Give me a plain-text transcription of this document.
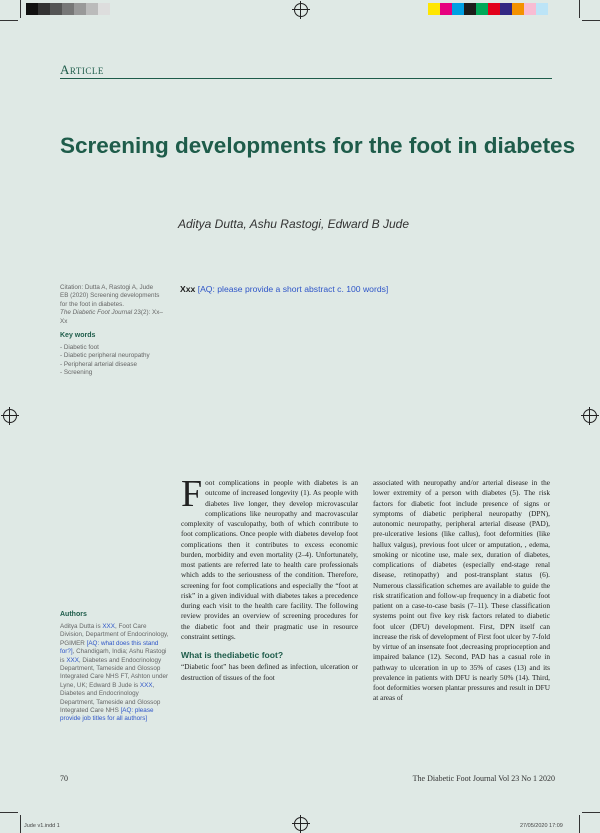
Article
Screening developments for the foot in diabetes
Aditya Dutta, Ashu Rastogi, Edward B Jude
Citation: Dutta A, Rastogi A, Jude
EB (2020) Screening developments
for the foot in diabetes.
The Diabetic Foot Journal 23(2): Xx–Xx
Key words
- Diabetic foot
- Diabetic peripheral neuropathy
- Peripheral arterial disease
- Screening
Authors
Aditya Dutta is XXX, Foot Care Division, Department of Endocrinology, PGIMER [AQ: what does this stand for?], Chandigarh, India; Ashu Rastogi is XXX, Diabetes and Endocrinology Department, Tameside and Glossop Integrated Care NHS FT, Ashton under Lyne, UK; Edward B Jude is XXX, Diabetes and Endocrinology Department, Tameside and Glossop Integrated Care NHS [AQ: please provide job titles for all authors]
Xxx [AQ: please provide a short abstract c. 100 words]

Foot complications in people with diabetes is an outcome of increased longevity (1). As people with diabetes live longer, they develop microvascular complications like neuropathy and macrovascular complexity of vasculopathy, both of which contribute to foot complications. Once people with diabetes develop foot complications then it contributes to excess economic burden, morbidity and even mortality (2–4). Unfortunately, most patients are referred late to health care professionals which adds to the seriousness of the condition. Therefore, screening for foot complications and especially the “foot at risk” in a given individual with diabetes takes a precedence during each visit to the health care facility. The following review provides an overview of screening procedures for the diabetic foot and their pragmatic use in resource constraint settings.

What is thediabetic foot?

“Diabetic foot” has been defined as infection, ulceration or destruction of tissues of the foot

associated with neuropathy and/or arterial disease in the lower extremity of a person with diabetes (5). The risk factors for diabetic foot include presence of signs or symptoms of diabetic peripheral neuropathy (DPN), autonomic neuropathy, peripheral arterial disease (PAD), pre-ulcerative lesions (like callus), foot deformities (like hallux valgus), previous foot ulcer or amputation, , edema, smoking or nicotine use, male sex, duration of diabetes, complications of diabetes (especially end-stage renal disease, retinopathy) and post-transplant status (6). Numerous classification schemes are available to guide the risk stratification and follow-up frequency in a diabetic foot patient on a case-to-case basis (7–11). These classification systems point out five key risk factors related to diabetic foot ulcer (DFU) development. First, DPN itself can increase the risk of development of First foot ulcer by 7-fold by virtue of an insensate foot ,decreasing proprioception and impaired balance (12). Second, PAD has a casual role in pathway to ulceration in up to 35% of cases (13) and its prevalence in patients with DFU is nearly 50% (14). Third, foot deformities worsen plantar pressures and result in DFU at areas of

70	The Diabetic Foot Journal Vol 23 No 1 2020
Jude v1.indd 1	27/05/2020 17:09
